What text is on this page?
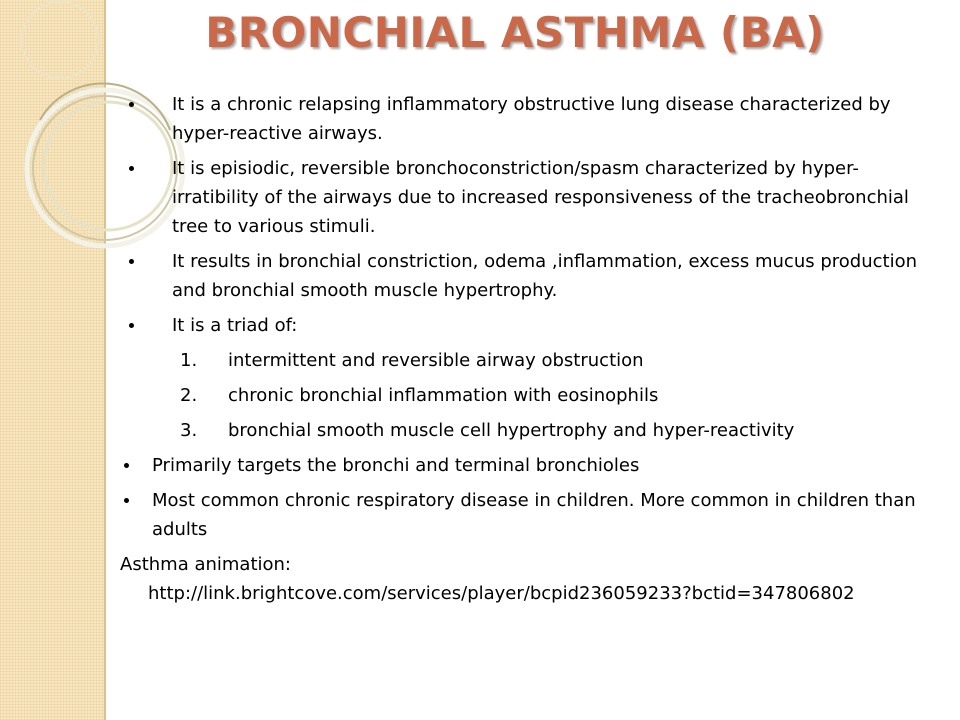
BRONCHIAL ASTHMA (BA)
It is a chronic relapsing inflammatory obstructive lung disease characterized by hyper-reactive airways.
It is episiodic, reversible bronchoconstriction/spasm characterized by hyper-irratibility of the airways due to increased responsiveness of the tracheobronchial tree to various stimuli.
It results in bronchial constriction, odema ,inflammation, excess mucus production and bronchial smooth muscle hypertrophy.
It is a triad of:
1. intermittent and reversible airway obstruction
2. chronic bronchial inflammation with eosinophils
3. bronchial smooth muscle cell hypertrophy and hyper-reactivity
Primarily targets the bronchi and terminal bronchioles
Most common chronic respiratory disease in children. More common in children than adults
Asthma animation:
http://link.brightcove.com/services/player/bcpid236059233?bctid=347806802
